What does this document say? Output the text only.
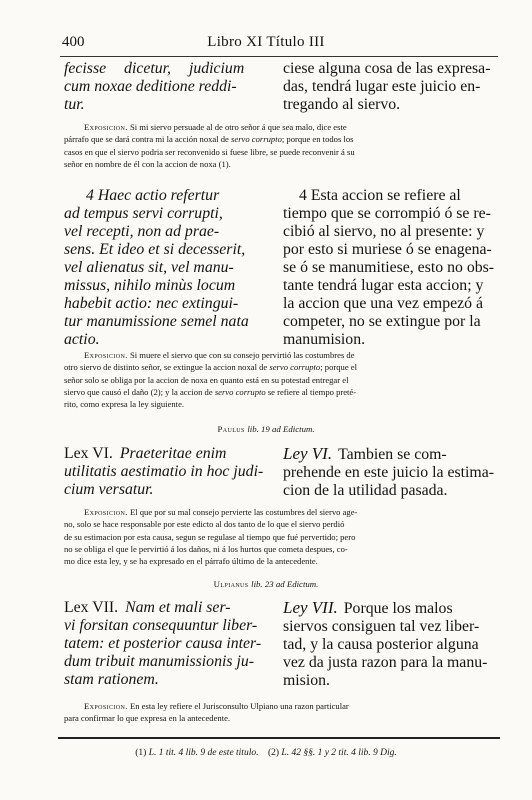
400	Libro XI Título III
fecisse dicetur, judicium
cum noxae deditione reddi-
tur.
ciese alguna cosa de las expresa-
das, tendrá lugar este juicio en-
tregando al siervo.
Exposicion. Si mi siervo persuade al de otro señor á que sea malo, dice este
párrafo que se dará contra mi la acción noxal de servo corrupto; porque en todos los
casos en que el siervo podria ser reconvenido si fuese libre, se puede reconvenir á su
señor en nombre de él con la accion de noxa (1).
4 Haec actio refertur
ad tempus servi corrupti,
vel recepti, non ad prae-
sens. Et ideo et si decesserit,
vel alienatus sit, vel manu-
missus, nihilo minùs locum
habebit actio: nec extingui-
tur manumissione semel nata
actio.
4 Esta accion se refiere al
tiempo que se corrompió ó se re-
cibió al siervo, no al presente: y
por esto si muriese ó se enagena-
se ó se manumitiese, esto no obs-
tante tendrá lugar esta accion; y
la accion que una vez empezó á
competer, no se extingue por la
manumision.
Exposicion. Si muere el siervo que con su consejo pervirtió las costumbres de
otro siervo de distinto señor, se extingue la accion noxal de servo corrupto; porque el
señor solo se obliga por la accion de noxa en quanto está en su potestad entregar el
siervo que causó el daño (2); y la accion de servo corrupto se refiere al tiempo preté-
rito, como expresa la ley siguiente.
Paulus lib. 19 ad Edictum.
Lex VI. Praeteritae enim
utilitatis aestimatio in hoc judi-
cium versatur.
Ley VI. Tambien se com-
prehende en este juicio la estima-
cion de la utilidad pasada.
Exposicion. El que por su mal consejo pervierte las costumbres del siervo age-
no, solo se hace responsable por este edicto al dos tanto de lo que el siervo perdió
de su estimacion por esta causa, segun se regulase al tiempo que fué pervertido; pero
no se obliga el que le pervirtió á los daños, ni á los hurtos que cometa despues, co-
mo dice esta ley, y se ha expresado en el párrafo último de la antecedente.
Ulpianus lib. 23 ad Edictum.
Lex VII. Nam et mali ser-
vi forsitan consequuntur liber-
tatem: et posterior causa inter-
dum tribuit manumissionis ju-
stam rationem.
Ley VII. Porque los malos
siervos consiguen tal vez liber-
tad, y la causa posterior alguna
vez da justa razon para la manu-
mision.
Exposicion. En esta ley refiere el Jurisconsulto Ulpiano una razon particular
para confirmar lo que expresa en la antecedente.
(1) L. 1 tit. 4 lib. 9 de este titulo. (2) L. 42 §§. 1 y 2 tit. 4 lib. 9 Dig.
